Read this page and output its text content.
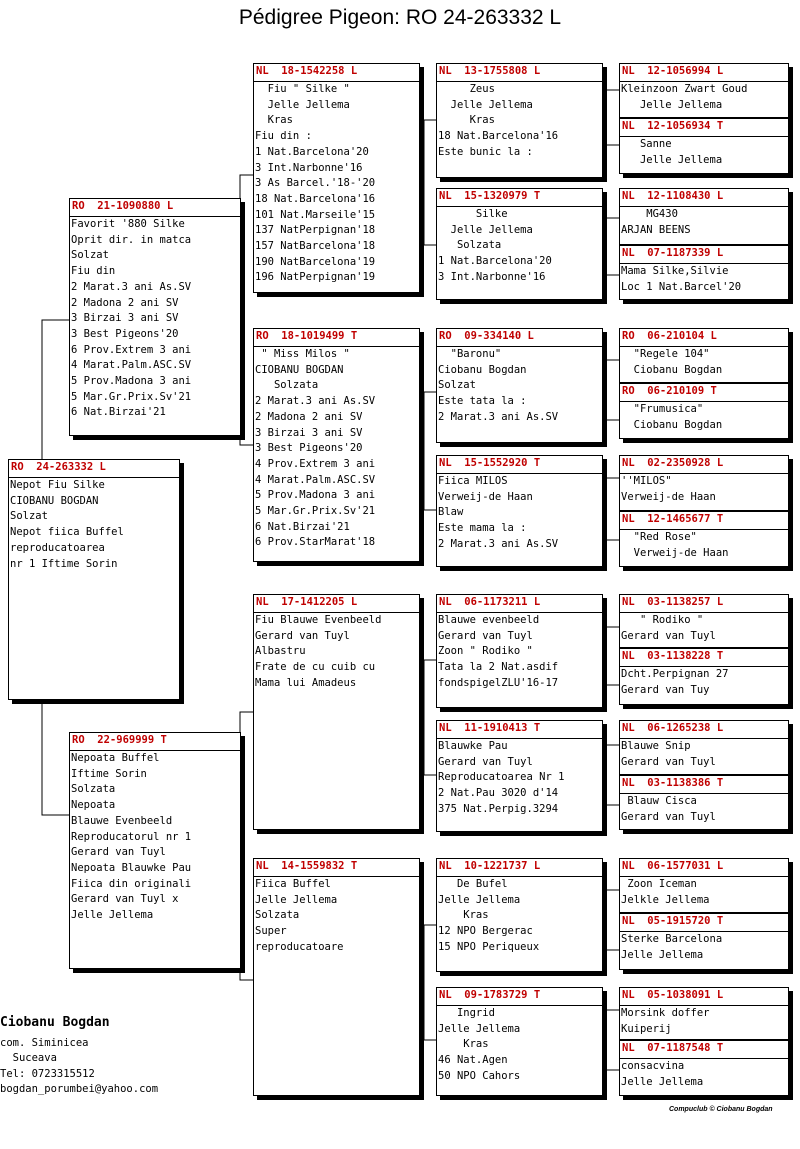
Pédigree Pigeon: RO 24-263332 L
RO  24-263332 L
Nepot Fiu Silke
CIOBANU BOGDAN
Solzat
Nepot fiica Buffel
reproducatoarea
nr 1 Iftime Sorin
RO  21-1090880 L
Favorit '880 Silke
Oprit dir. in matca
Solzat
Fiu din
2 Marat.3 ani As.SV
2 Madona 2 ani SV
3 Birzai 3 ani SV
3 Best Pigeons'20
6 Prov.Extrem 3 ani
4 Marat.Palm.ASC.SV
5 Prov.Madona 3 ani
5 Mar.Gr.Prix.Sv'21
6 Nat.Birzai'21
RO  22-969999 T
Nepoata Buffel
Iftime Sorin
Solzata
Nepoata
Blauwe Evenbeeld
Reproducatorul nr 1
Gerard van Tuyl
Nepoata Blauwke Pau
Fiica din originali
Gerard van Tuyl x
Jelle Jellema
NL  18-1542258 L
Fiu " Silke "
Jelle Jellema
Kras
Fiu din :
1 Nat.Barcelona'20
3 Int.Narbonne'16
3 As Barcel.'18-'20
18 Nat.Barcelona'16
101 Nat.Marseile'15
137 NatPerpignan'18
157 NatBarcelona'18
190 NatBarcelona'19
196 NatPerpignan'19
RO  18-1019499 T
" Miss Milos "
CIOBANU BOGDAN
Solzata
2 Marat.3 ani As.SV
2 Madona 2 ani SV
3 Birzai 3 ani SV
3 Best Pigeons'20
4 Prov.Extrem 3 ani
4 Marat.Palm.ASC.SV
5 Prov.Madona 3 ani
5 Mar.Gr.Prix.Sv'21
6 Nat.Birzai'21
6 Prov.StarMarat'18
NL  17-1412205 L
Fiu Blauwe Evenbeeld
Gerard van Tuyl
Albastru
Frate de cu cuib cu
Mama lui Amadeus
NL  14-1559832 T
Fiica Buffel
Jelle Jellema
Solzata
Super
reproducatoare
NL  13-1755808 L
Zeus
Jelle Jellema
Kras
18 Nat.Barcelona'16
Este bunic la :
NL  15-1320979 T
Silke
Jelle Jellema
Solzata
1 Nat.Barcelona'20
3 Int.Narbonne'16
RO  09-334140 L
"Baronu"
Ciobanu Bogdan
Solzat
Este tata la :
2 Marat.3 ani As.SV
NL  15-1552920 T
Fiica MILOS
Verweij-de Haan
Blaw
Este mama la :
2 Marat.3 ani As.SV
NL  06-1173211 L
Blauwe evenbeeld
Gerard van Tuyl
Zoon " Rodiko "
Tata la 2 Nat.asdif
fondspigelZLU'16-17
NL  11-1910413 T
Blauwke Pau
Gerard van Tuyl
Reproducatoarea Nr 1
2 Nat.Pau 3020 d'14
375 Nat.Perpig.3294
NL  10-1221737 L
De Bufel
Jelle Jellema
Kras
12 NPO Bergerac
15 NPO Periqueux
NL  09-1783729 T
Ingrid
Jelle Jellema
Kras
46 Nat.Agen
50 NPO Cahors
NL  12-1056994 L
Kleinzoon Zwart Goud
Jelle Jellema
NL  12-1056934 T
Sanne
Jelle Jellema
NL  12-1108430 L
MG430
ARJAN BEENS
NL  07-1187339 L
Mama Silke,Silvie
Loc 1 Nat.Barcel'20
RO  06-210104 L
"Regele 104"
Ciobanu Bogdan
RO  06-210109 T
"Frumusica"
Ciobanu Bogdan
NL  02-2350928 L
''MILOS"
Verweij-de Haan
NL  12-1465677 T
"Red Rose"
Verweij-de Haan
NL  03-1138257 L
" Rodiko "
Gerard van Tuyl
NL  03-1138228 T
Dcht.Perpignan 27
Gerard van Tuy
NL  06-1265238 L
Blauwe Snip
Gerard van Tuyl
NL  03-1138386 T
Blauw Cisca
Gerard van Tuyl
NL  06-1577031 L
Zoon Iceman
Jelkle Jellema
NL  05-1915720 T
Sterke Barcelona
Jelle Jellema
NL  05-1038091 L
Morsink doffer
Kuiperij
NL  07-1187548 T
consacvina
Jelle Jellema
Ciobanu Bogdan
com. Siminicea
Suceava
Tel: 0723315512
bogdan_porumbei@yahoo.com
Compuclub © Ciobanu Bogdan
